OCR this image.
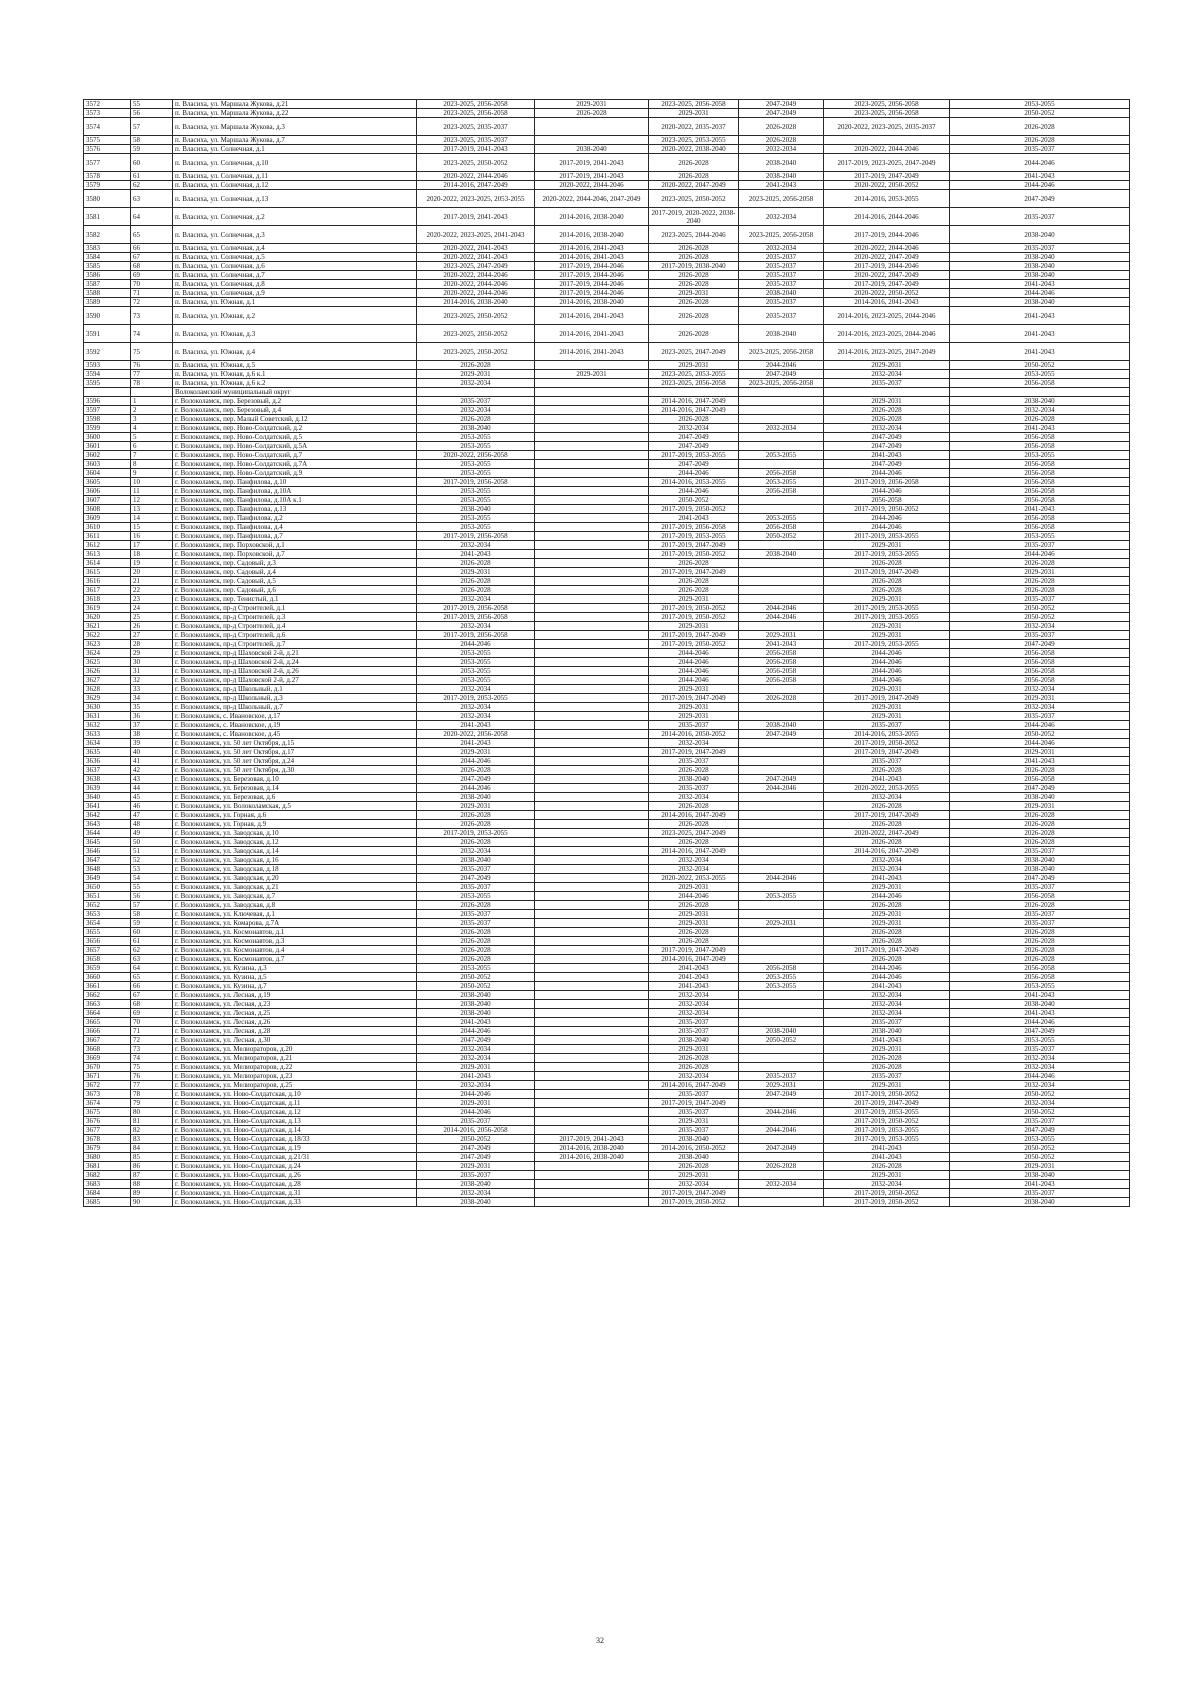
3572	55	п. Власиха, ул. Маршала Жукова, д.21	2023-2025, 2056-2058	2029-2031	2023-2025, 2056-2058	2047-2049	2023-2025, 2056-2058	2053-2055
3573	56	п. Власиха, ул. Маршала Жукова, д.22	2023-2025, 2056-2058	2026-2028	2029-2031	2047-2049	2023-2025, 2056-2058	2050-2052
3574	57	п. Власиха, ул. Маршала Жукова, д.3	2023-2025, 2035-2037		2020-2022, 2035-2037	2026-2028	2020-2022, 2023-2025, 2035-2037	2026-2028
3575	58	п. Власиха, ул. Маршала Жукова, д.7	2023-2025, 2035-2037		2023-2025, 2053-2055	2026-2028		2026-2028
3576	59	п. Власиха, ул. Солнечная, д.1	2017-2019, 2041-2043	2038-2040	2020-2022, 2038-2040	2032-2034	2020-2022, 2044-2046	2035-2037
3577	60	п. Власиха, ул. Солнечная, д.10	2023-2025, 2050-2052	2017-2019, 2041-2043	2026-2028	2038-2040	2017-2019, 2023-2025, 2047-2049	2044-2046
3578	61	п. Власиха, ул. Солнечная, д.11	2020-2022, 2044-2046	2017-2019, 2041-2043	2026-2028	2038-2040	2017-2019, 2047-2049	2041-2043
3579	62	п. Власиха, ул. Солнечная, д.12	2014-2016, 2047-2049	2020-2022, 2044-2046	2020-2022, 2047-2049	2041-2043	2020-2022, 2050-2052	2044-2046
3580	63	п. Власиха, ул. Солнечная, д.13	2020-2022, 2023-2025, 2053-2055	2020-2022, 2044-2046, 2047-2049	2023-2025, 2050-2052	2023-2025, 2056-2058	2014-2016, 2053-2055	2047-2049
3581	64	п. Власиха, ул. Солнечная, д.2	2017-2019, 2041-2043	2014-2016, 2038-2040	2017-2019, 2020-2022, 2038-2040	2032-2034	2014-2016, 2044-2046	2035-2037
3582	65	п. Власиха, ул. Солнечная, д.3	2020-2022, 2023-2025, 2041-2043	2014-2016, 2038-2040	2023-2025, 2044-2046	2023-2025, 2056-2058	2017-2019, 2044-2046	2038-2040
3583	66	п. Власиха, ул. Солнечная, д.4	2020-2022, 2041-2043	2014-2016, 2041-2043	2026-2028	2032-2034	2020-2022, 2044-2046	2035-2037
3584	67	п. Власиха, ул. Солнечная, д.5	2020-2022, 2041-2043	2014-2016, 2041-2043	2026-2028	2035-2037	2020-2022, 2047-2049	2038-2040
3585	68	п. Власиха, ул. Солнечная, д.6	2023-2025, 2047-2049	2017-2019, 2044-2046	2017-2019, 2038-2040	2035-2037	2017-2019, 2044-2046	2038-2040
3586	69	п. Власиха, ул. Солнечная, д.7	2020-2022, 2044-2046	2017-2019, 2044-2046	2026-2028	2035-2037	2020-2022, 2047-2049	2038-2040
3587	70	п. Власиха, ул. Солнечная, д.8	2020-2022, 2044-2046	2017-2019, 2044-2046	2026-2028	2035-2037	2017-2019, 2047-2049	2041-2043
3588	71	п. Власиха, ул. Солнечная, д.9	2020-2022, 2044-2046	2017-2019, 2044-2046	2029-2031	2038-2040	2020-2022, 2050-2052	2044-2046
3589	72	п. Власиха, ул. Южная, д.1	2014-2016, 2038-2040	2014-2016, 2038-2040	2026-2028	2035-2037	2014-2016, 2041-2043	2038-2040
3590	73	п. Власиха, ул. Южная, д.2	2023-2025, 2050-2052	2014-2016, 2041-2043	2026-2028	2035-2037	2014-2016, 2023-2025, 2044-2046	2041-2043
3591	74	п. Власиха, ул. Южная, д.3	2023-2025, 2050-2052	2014-2016, 2041-2043	2026-2028	2038-2040	2014-2016, 2023-2025, 2044-2046	2041-2043
3592	75	п. Власиха, ул. Южная, д.4	2023-2025, 2050-2052	2014-2016, 2041-2043	2023-2025, 2047-2049	2023-2025, 2056-2058	2014-2016, 2023-2025, 2047-2049	2041-2043
3593	76	п. Власиха, ул. Южная, д.5	2026-2028		2029-2031	2044-2046	2029-2031	2050-2052
3594	77	п. Власиха, ул. Южная, д.6 к.1	2029-2031	2029-2031	2023-2025, 2053-2055	2047-2049	2032-2034	2053-2055
3595	78	п. Власиха, ул. Южная, д.6 к.2	2032-2034		2023-2025, 2056-2058	2023-2025, 2056-2058	2035-2037	2056-2058
		Волоколамский муниципальный округ						
3596	1	г. Волоколамск, пер. Березовый, д.2	2035-2037		2014-2016, 2047-2049		2029-2031	2038-2040
3597	2	г. Волоколамск, пер. Березовый, д.4	2032-2034		2014-2016, 2047-2049		2026-2028	2032-2034
3598	3	г. Волоколамск, пер. Малый Советский, д.12	2026-2028		2026-2028		2026-2028	2026-2028
3599	4	г. Волоколамск, пер. Ново-Солдатский, д.2	2038-2040		2032-2034	2032-2034	2032-2034	2041-2043
3600	5	г. Волоколамск, пер. Ново-Солдатский, д.5	2053-2055		2047-2049		2047-2049	2056-2058
3601	6	г. Волоколамск, пер. Ново-Солдатский, д.5А	2053-2055		2047-2049		2047-2049	2056-2058
3602	7	г. Волоколамск, пер. Ново-Солдатский, д.7	2020-2022, 2056-2058		2017-2019, 2053-2055	2053-2055	2041-2043	2053-2055
3603	8	г. Волоколамск, пер. Ново-Солдатский, д.7А	2053-2055		2047-2049		2047-2049	2056-2058
3604	9	г. Волоколамск, пер. Ново-Солдатский, д.9	2053-2055		2044-2046	2056-2058	2044-2046	2056-2058
3605	10	г. Волоколамск, пер. Панфилова, д.10	2017-2019, 2056-2058		2014-2016, 2053-2055	2053-2055	2017-2019, 2056-2058	2056-2058
3606	11	г. Волоколамск, пер. Панфилова, д.10А	2053-2055		2044-2046	2056-2058	2044-2046	2056-2058
3607	12	г. Волоколамск, пер. Панфилова, д.10А к.1	2053-2055		2050-2052		2056-2058	2056-2058
3608	13	г. Волоколамск, пер. Панфилова, д.13	2038-2040		2017-2019, 2050-2052		2017-2019, 2050-2052	2041-2043
3609	14	г. Волоколамск, пер. Панфилова, д.2	2053-2055		2041-2043	2053-2055	2044-2046	2056-2058
3610	15	г. Волоколамск, пер. Панфилова, д.4	2053-2055		2017-2019, 2056-2058	2056-2058	2044-2046	2056-2058
3611	16	г. Волоколамск, пер. Панфилова, д.7	2017-2019, 2056-2058		2017-2019, 2053-2055	2050-2052	2017-2019, 2053-2055	2053-2055
3612	17	г. Волоколамск, пер. Порховской, д.1	2032-2034		2017-2019, 2047-2049		2029-2031	2035-2037
3613	18	г. Волоколамск, пер. Порховской, д.7	2041-2043		2017-2019, 2050-2052	2038-2040	2017-2019, 2053-2055	2044-2046
3614	19	г. Волоколамск, пер. Садовый, д.3	2026-2028		2026-2028		2026-2028	2026-2028
3615	20	г. Волоколамск, пер. Садовый, д.4	2029-2031		2017-2019, 2047-2049		2017-2019, 2047-2049	2029-2031
3616	21	г. Волоколамск, пер. Садовый, д.5	2026-2028		2026-2028		2026-2028	2026-2028
3617	22	г. Волоколамск, пер. Садовый, д.6	2026-2028		2026-2028		2026-2028	2026-2028
3618	23	г. Волоколамск, пер. Тенистый, д.1	2032-2034		2029-2031		2029-2031	2035-2037
3619	24	г. Волоколамск, пр-д Строителей, д.1	2017-2019, 2056-2058		2017-2019, 2050-2052	2044-2046	2017-2019, 2053-2055	2050-2052
3620	25	г. Волоколамск, пр-д Строителей, д.3	2017-2019, 2056-2058		2017-2019, 2050-2052	2044-2046	2017-2019, 2053-2055	2050-2052
3621	26	г. Волоколамск, пр-д Строителей, д.4	2032-2034		2029-2031		2029-2031	2032-2034
3622	27	г. Волоколамск, пр-д Строителей, д.6	2017-2019, 2056-2058		2017-2019, 2047-2049	2029-2031	2029-2031	2035-2037
3623	28	г. Волоколамск, пр-д Строителей, д.7	2044-2046		2017-2019, 2050-2052	2041-2043	2017-2019, 2053-2055	2047-2049
3624	29	г. Волоколамск, пр-д Шаховской 2-й, д.21	2053-2055		2044-2046	2056-2058	2044-2046	2056-2058
3625	30	г. Волоколамск, пр-д Шаховской 2-й, д.24	2053-2055		2044-2046	2056-2058	2044-2046	2056-2058
3626	31	г. Волоколамск, пр-д Шаховской 2-й, д.26	2053-2055		2044-2046	2056-2058	2044-2046	2056-2058
3627	32	г. Волоколамск, пр-д Шаховской 2-й, д.27	2053-2055		2044-2046	2056-2058	2044-2046	2056-2058
3628	33	г. Волоколамск, пр-д Школьный, д.1	2032-2034		2029-2031		2029-2031	2032-2034
3629	34	г. Волоколамск, пр-д Школьный, д.3	2017-2019, 2053-2055		2017-2019, 2047-2049	2026-2028	2017-2019, 2047-2049	2029-2031
3630	35	г. Волоколамск, пр-д Школьный, д.7	2032-2034		2029-2031		2029-2031	2032-2034
3631	36	г. Волоколамск, с. Ивановское, д.17	2032-2034		2029-2031		2029-2031	2035-2037
3632	37	г. Волоколамск, с. Ивановское, д.19	2041-2043		2035-2037	2038-2040	2035-2037	2044-2046
3633	38	г. Волоколамск, с. Ивановское, д.45	2020-2022, 2056-2058		2014-2016, 2050-2052	2047-2049	2014-2016, 2053-2055	2050-2052
3634	39	г. Волоколамск, ул. 50 лет Октября, д.15	2041-2043		2032-2034		2017-2019, 2050-2052	2044-2046
3635	40	г. Волоколамск, ул. 50 лет Октября, д.17	2029-2031		2017-2019, 2047-2049		2017-2019, 2047-2049	2029-2031
3636	41	г. Волоколамск, ул. 50 лет Октября, д.24	2044-2046		2035-2037		2035-2037	2041-2043
3637	42	г. Волоколамск, ул. 50 лет Октября, д.30	2026-2028		2026-2028		2026-2028	2026-2028
3638	43	г. Волоколамск, ул. Березовая, д.10	2047-2049		2038-2040	2047-2049	2041-2043	2056-2058
3639	44	г. Волоколамск, ул. Березовая, д.14	2044-2046		2035-2037	2044-2046	2020-2022, 2053-2055	2047-2049
3640	45	г. Волоколамск, ул. Березовая, д.6	2038-2040		2032-2034		2032-2034	2038-2040
3641	46	г. Волоколамск, ул. Волоколамская, д.5	2029-2031		2026-2028		2026-2028	2029-2031
3642	47	г. Волоколамск, ул. Горная, д.6	2026-2028		2014-2016, 2047-2049		2017-2019, 2047-2049	2026-2028
3643	48	г. Волоколамск, ул. Горная, д.9	2026-2028		2026-2028		2026-2028	2026-2028
3644	49	г. Волоколамск, ул. Заводская, д.10	2017-2019, 2053-2055		2023-2025, 2047-2049		2020-2022, 2047-2049	2026-2028
3645	50	г. Волоколамск, ул. Заводская, д.12	2026-2028		2026-2028		2026-2028	2026-2028
3646	51	г. Волоколамск, ул. Заводская, д.14	2032-2034		2014-2016, 2047-2049		2014-2016, 2047-2049	2035-2037
3647	52	г. Волоколамск, ул. Заводская, д.16	2038-2040		2032-2034		2032-2034	2038-2040
3648	53	г. Волоколамск, ул. Заводская, д.18	2035-2037		2032-2034		2032-2034	2038-2040
3649	54	г. Волоколамск, ул. Заводская, д.20	2047-2049		2020-2022, 2053-2055	2044-2046	2041-2043	2047-2049
3650	55	г. Волоколамск, ул. Заводская, д.21	2035-2037		2029-2031		2029-2031	2035-2037
3651	56	г. Волоколамск, ул. Заводская, д.7	2053-2055		2044-2046	2053-2055	2044-2046	2056-2058
3652	57	г. Волоколамск, ул. Заводская, д.8	2026-2028		2026-2028		2026-2028	2026-2028
3653	58	г. Волоколамск, ул. Ключевая, д.1	2035-2037		2029-2031		2029-2031	2035-2037
3654	59	г. Волоколамск, ул. Комарова, д.7А	2035-2037		2029-2031	2029-2031	2029-2031	2035-2037
3655	60	г. Волоколамск, ул. Космонавтов, д.1	2026-2028		2026-2028		2026-2028	2026-2028
3656	61	г. Волоколамск, ул. Космонавтов, д.3	2026-2028		2026-2028		2026-2028	2026-2028
3657	62	г. Волоколамск, ул. Космонавтов, д.4	2026-2028		2017-2019, 2047-2049		2017-2019, 2047-2049	2026-2028
3658	63	г. Волоколамск, ул. Космонавтов, д.7	2026-2028		2014-2016, 2047-2049		2026-2028	2026-2028
3659	64	г. Волоколамск, ул. Кузина, д.3	2053-2055		2041-2043	2056-2058	2044-2046	2056-2058
3660	65	г. Волоколамск, ул. Кузина, д.5	2050-2052		2041-2043	2053-2055	2044-2046	2056-2058
3661	66	г. Волоколамск, ул. Кузина, д.7	2050-2052		2041-2043	2053-2055	2041-2043	2053-2055
3662	67	г. Волоколамск, ул. Лесная, д.19	2038-2040		2032-2034		2032-2034	2041-2043
3663	68	г. Волоколамск, ул. Лесная, д.23	2038-2040		2032-2034		2032-2034	2038-2040
3664	69	г. Волоколамск, ул. Лесная, д.25	2038-2040		2032-2034		2032-2034	2041-2043
3665	70	г. Волоколамск, ул. Лесная, д.26	2041-2043		2035-2037		2035-2037	2044-2046
3666	71	г. Волоколамск, ул. Лесная, д.28	2044-2046		2035-2037	2038-2040	2038-2040	2047-2049
3667	72	г. Волоколамск, ул. Лесная, д.30	2047-2049		2038-2040	2050-2052	2041-2043	2053-2055
3668	73	г. Волоколамск, ул. Мелиораторов, д.20	2032-2034		2029-2031		2029-2031	2035-2037
3669	74	г. Волоколамск, ул. Мелиораторов, д.21	2032-2034		2026-2028		2026-2028	2032-2034
3670	75	г. Волоколамск, ул. Мелиораторов, д.22	2029-2031		2026-2028		2026-2028	2032-2034
3671	76	г. Волоколамск, ул. Мелиораторов, д.23	2041-2043		2032-2034	2035-2037	2035-2037	2044-2046
3672	77	г. Волоколамск, ул. Мелиораторов, д.25	2032-2034		2014-2016, 2047-2049	2029-2031	2029-2031	2032-2034
3673	78	г. Волоколамск, ул. Ново-Солдатская, д.10	2044-2046		2035-2037	2047-2049	2017-2019, 2050-2052	2050-2052
3674	79	г. Волоколамск, ул. Ново-Солдатская, д.11	2029-2031		2017-2019, 2047-2049		2017-2019, 2047-2049	2032-2034
3675	80	г. Волоколамск, ул. Ново-Солдатская, д.12	2044-2046		2035-2037	2044-2046	2017-2019, 2053-2055	2050-2052
3676	81	г. Волоколамск, ул. Ново-Солдатская, д.13	2035-2037		2029-2031		2017-2019, 2050-2052	2035-2037
3677	82	г. Волоколамск, ул. Ново-Солдатская, д.14	2014-2016, 2056-2058		2035-2037	2044-2046	2017-2019, 2053-2055	2047-2049
3678	83	г. Волоколамск, ул. Ново-Солдатская, д.18/33	2050-2052	2017-2019, 2041-2043	2038-2040		2017-2019, 2053-2055	2053-2055
3679	84	г. Волоколамск, ул. Ново-Солдатская, д.19	2047-2049	2014-2016, 2038-2040	2014-2016, 2050-2052	2047-2049	2041-2043	2050-2052
3680	85	г. Волоколамск, ул. Ново-Солдатская, д.21/31	2047-2049	2014-2016, 2038-2040	2038-2040		2041-2043	2050-2052
3681	86	г. Волоколамск, ул. Ново-Солдатская, д.24	2029-2031		2026-2028	2026-2028	2026-2028	2029-2031
3682	87	г. Волоколамск, ул. Ново-Солдатская, д.26	2035-2037		2029-2031		2029-2031	2038-2040
3683	88	г. Волоколамск, ул. Ново-Солдатская, д.28	2038-2040		2032-2034	2032-2034	2032-2034	2041-2043
3684	89	г. Волоколамск, ул. Ново-Солдатская, д.31	2032-2034		2017-2019, 2047-2049		2017-2019, 2050-2052	2035-2037
3685	90	г. Волоколамск, ул. Ново-Солдатская, д.33	2038-2040		2017-2019, 2050-2052		2017-2019, 2050-2052	2038-2040
32
